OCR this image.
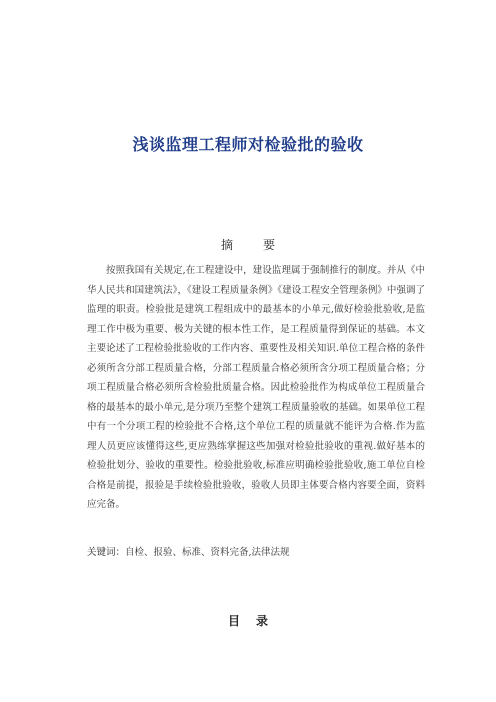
浅谈监理工程师对检验批的验收
摘	要
按照我国有关规定,在工程建设中，建设监理属于强制推行的制度。并从《中华人民共和国建筑法》，《建设工程质量条例》《建设工程安全管理条例》中强调了监理的职责。检验批是建筑工程组成中的最基本的小单元,做好检验批验收,是监理工作中极为重要、极为关键的根本性工作，是工程质量得到保证的基础。本文主要论述了工程检验批验收的工作内容、重要性及相关知识.单位工程合格的条件必须所含分部工程质量合格，分部工程质量合格必须所含分项工程质量合格；分项工程质量合格必须所含检验批质量合格。因此检验批作为构成单位工程质量合格的最基本的最小单元,是分项乃至整个建筑工程质量验收的基础。如果单位工程中有一个分项工程的检验批不合格,这个单位工程的质量就不能评为合格.作为监理人员更应该懂得这些,更应熟练掌握这些加强对检验批验收的重视.做好基本的检验批划分、验收的重要性。检验批验收,标准应明确检验批验收,施工单位自检合格是前提，报验是手续检验批验收，验收人员即主体要合格内容要全面，资料应完备。
关键词：自检、报验、标准、资料完备,法律法规
目 录
